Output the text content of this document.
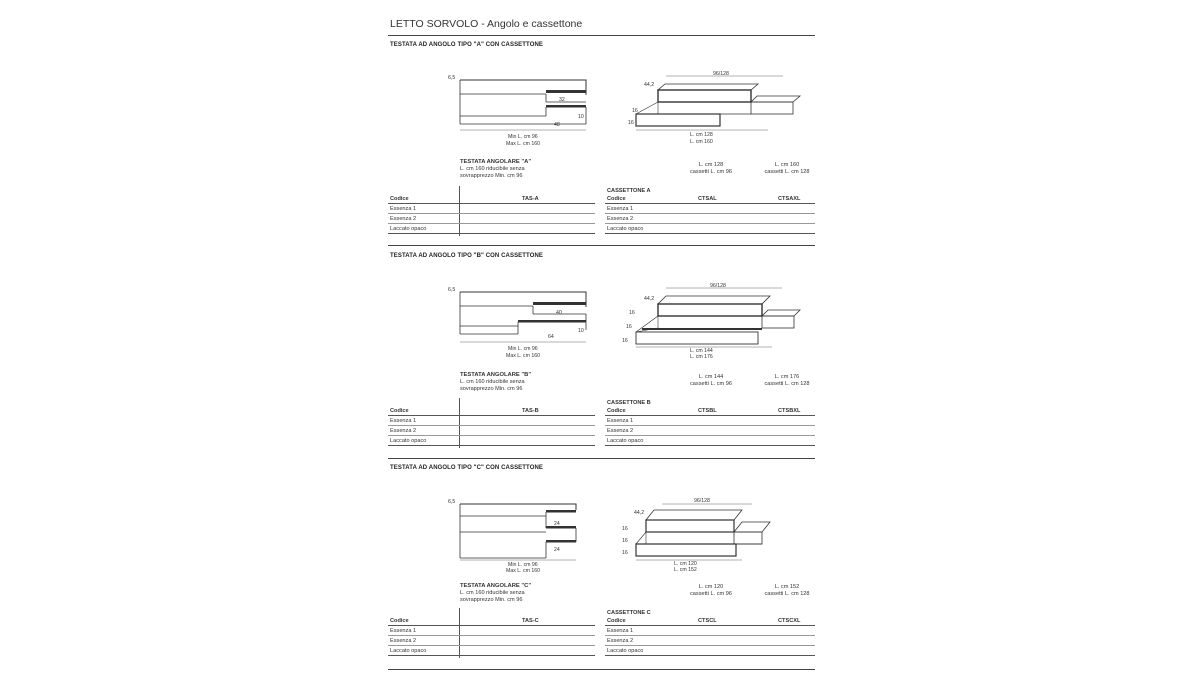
LETTO SORVOLO - Angolo e cassettone
TESTATA AD ANGOLO TIPO "A" CON CASSETTONE
6,5
32
10
48
Min L. cm 96
Max L. cm 160
96/128
44,2
16
16
L. cm 128
L. cm 160
TESTATA ANGOLARE "A"
L. cm 160 riducibile senza
sovrapprezzo Min. cm 96
L. cm 128
cassetti L. cm 96
L. cm 160
cassetti L. cm 128
CASSETTONE A
Codice	TAS-A	Codice	CTSAL	CTSAXL
Essenza 1	Essenza 1
Essenza 2	Essenza 2
Laccato opaco	Laccato opaco
TESTATA AD ANGOLO TIPO "B" CON CASSETTONE
6,5
40
10
64
Min L. cm 96
Max L. cm 160
96/128
44,2
16
16
16
L. cm 144
L. cm 176
TESTATA ANGOLARE "B"
L. cm 160 riducibile senza
sovrapprezzo Min. cm 96
L. cm 144
cassetti L. cm 96
L. cm 176
cassetti L. cm 128
CASSETTONE B
Codice	TAS-B	Codice	CTSBL	CTSBXL
Essenza 1	Essenza 1
Essenza 2	Essenza 2
Laccato opaco	Laccato opaco
TESTATA AD ANGOLO TIPO "C" CON CASSETTONE
6,5
24
24
Min L. cm 96
Max L. cm 160
96/128
44,2
16
16
16
L. cm 120
L. cm 152
TESTATA ANGOLARE "C"
L. cm 160 riducibile senza
sovrapprezzo Min. cm 96
L. cm 120
cassetti L. cm 96
L. cm 152
cassetti L. cm 128
CASSETTONE C
Codice	TAS-C	Codice	CTSCL	CTSCXL
Essenza 1	Essenza 1
Essenza 2	Essenza 2
Laccato opaco	Laccato opaco
